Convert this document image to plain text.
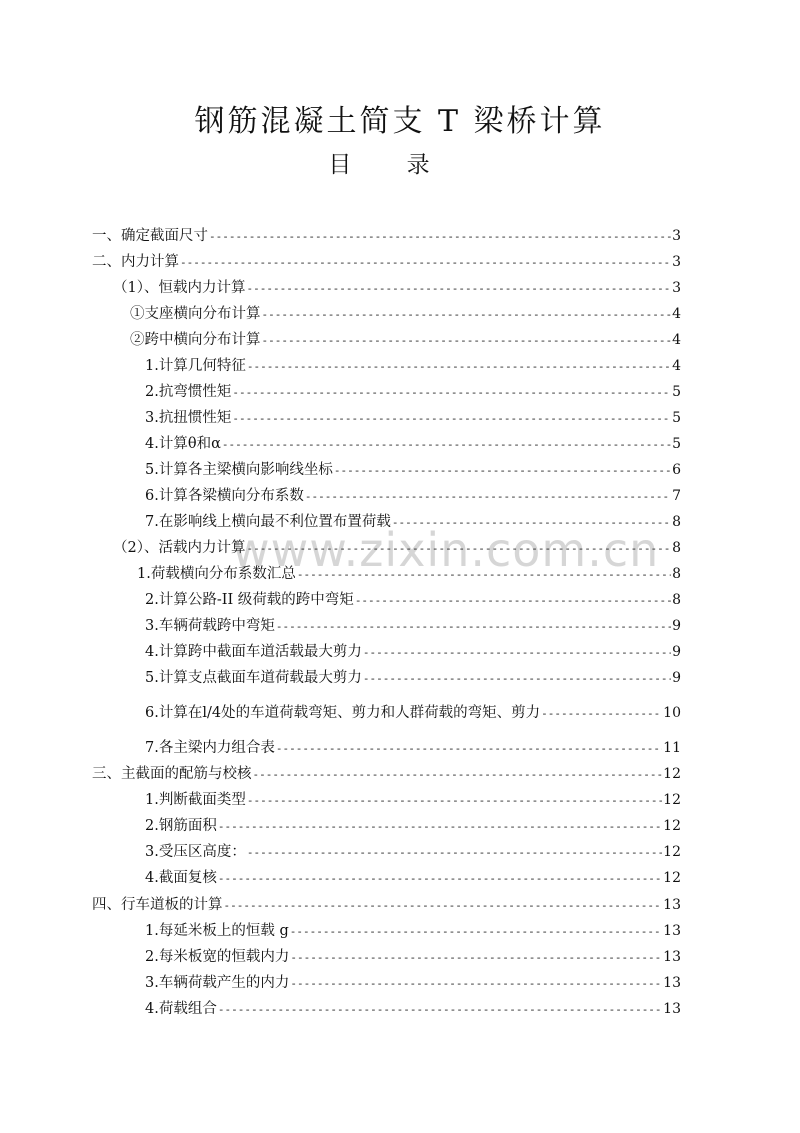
钢筋混凝土简支 T 梁桥计算
目 录
www.zixin.com.cn
一、确定截面尺寸 -----	3
二、内力计算 -----	3
（1）、恒载内力计算 -----	3
①支座横向分布计算 -----	4
②跨中横向分布计算 -----	4
1.计算几何特征 -----	4
2.抗弯惯性矩 -----	5
3.抗扭惯性矩 -----	5
4.计算θ和α -----	5
5.计算各主梁横向影响线坐标 -----	6
6.计算各梁横向分布系数 -----	7
7.在影响线上横向最不利位置布置荷载 -----	8
（2）、活载内力计算 -----	8
1.荷载横向分布系数汇总 -----	8
2.计算公路-II 级荷载的跨中弯矩 -----	8
3.车辆荷载跨中弯矩 -----	9
4.计算跨中截面车道活载最大剪力 -----	9
5.计算支点截面车道荷载最大剪力 -----	9
6.计算在l/4处的车道荷载弯矩、剪力和人群荷载的弯矩、剪力 -----	10
7.各主梁内力组合表 -----	11
三、主截面的配筋与校核 -----	12
1.判断截面类型 -----	12
2.钢筋面积 -----	12
3.受压区高度： -----	12
4.截面复核 -----	12
四、行车道板的计算 -----	13
1.每延米板上的恒载 g -----	13
2.每米板宽的恒载内力 -----	13
3.车辆荷载产生的内力 -----	13
4.荷载组合 -----	13
